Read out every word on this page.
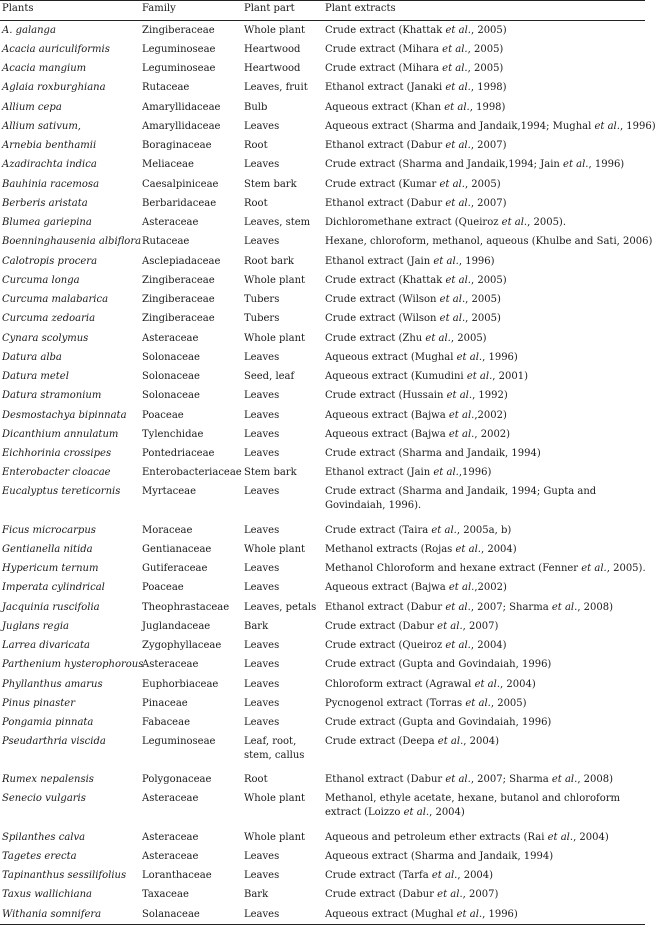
Plants	Family	Plant part	Plant extracts
A. galanga	Zingiberaceae	Whole plant	Crude extract (Khattak et al., 2005)
Acacia auriculiformis	Leguminoseae	Heartwood	Crude extract (Mihara et al., 2005)
Acacia mangium	Leguminoseae	Heartwood	Crude extract (Mihara et al., 2005)
Aglaia roxburghiana	Rutaceae	Leaves, fruit	Ethanol extract (Janaki et al., 1998)
Allium cepa	Amaryllidaceae	Bulb	Aqueous extract (Khan et al., 1998)
Allium sativum,	Amaryllidaceae	Leaves	Aqueous extract (Sharma and Jandaik,1994; Mughal et al., 1996)
Arnebia benthamii	Boraginaceae	Root	Ethanol extract (Dabur et al., 2007)
Azadirachta indica	Meliaceae	Leaves	Crude extract (Sharma and Jandaik,1994; Jain et al., 1996)
Bauhinia racemosa	Caesalpiniceae	Stem bark	Crude extract (Kumar et al., 2005)
Berberis aristata	Berbaridaceae	Root	Ethanol extract (Dabur et al., 2007)
Blumea gariepina	Asteraceae	Leaves, stem	Dichloromethane extract (Queiroz et al., 2005).
Boenninghausenia albiflora	Rutaceae	Leaves	Hexane, chloroform, methanol, aqueous (Khulbe and Sati, 2006)
Calotropis procera	Asclepiadaceae	Root bark	Ethanol extract (Jain et al., 1996)
Curcuma longa	Zingiberaceae	Whole plant	Crude extract (Khattak et al., 2005)
Curcuma malabarica	Zingiberaceae	Tubers	Crude extract (Wilson et al., 2005)
Curcuma zedoaria	Zingiberaceae	Tubers	Crude extract (Wilson et al., 2005)
Cynara scolymus	Asteraceae	Whole plant	Crude extract (Zhu et al., 2005)
Datura alba	Solonaceae	Leaves	Aqueous extract (Mughal et al., 1996)
Datura metel	Solonaceae	Seed, leaf	Aqueous extract (Kumudini et al., 2001)
Datura stramonium	Solonaceae	Leaves	Crude extract (Hussain et al., 1992)
Desmostachya bipinnata	Poaceae	Leaves	Aqueous extract (Bajwa et al.,2002)
Dicanthium annulatum	Tylenchidae	Leaves	Aqueous extract (Bajwa et al., 2002)
Eichhorinia crossipes	Pontedriaceae	Leaves	Crude extract (Sharma and Jandaik, 1994)
Enterobacter cloacae	Enterobacteriaceae	Stem bark	Ethanol extract (Jain et al.,1996)
Eucalyptus tereticornis	Myrtaceae	Leaves	Crude extract (Sharma and Jandaik, 1994; Gupta and Govindaiah, 1996).
Ficus microcarpus	Moraceae	Leaves	Crude extract (Taira et al., 2005a, b)
Gentianella nitida	Gentianaceae	Whole plant	Methanol extracts (Rojas et al., 2004)
Hypericum ternum	Gutiferaceae	Leaves	Methanol Chloroform and hexane extract (Fenner et al., 2005).
Imperata cylindrical	Poaceae	Leaves	Aqueous extract (Bajwa et al.,2002)
Jacquinia ruscifolia	Theophrastaceae	Leaves, petals	Ethanol extract (Dabur et al., 2007; Sharma et al., 2008)
Juglans regia	Juglandaceae	Bark	Crude extract (Dabur et al., 2007)
Larrea divaricata	Zygophyllaceae	Leaves	Crude extract (Queiroz et al., 2004)
Parthenium hysterophorous	Asteraceae	Leaves	Crude extract (Gupta and Govindaiah, 1996)
Phyllanthus amarus	Euphorbiaceae	Leaves	Chloroform extract (Agrawal et al., 2004)
Pinus pinaster	Pinaceae	Leaves	Pycnogenol extract (Torras et al., 2005)
Pongamia pinnata	Fabaceae	Leaves	Crude extract (Gupta and Govindaiah, 1996)
Pseudarthria viscida	Leguminoseae	Leaf, root, stem, callus	Crude extract (Deepa et al., 2004)
Rumex nepalensis	Polygonaceae	Root	Ethanol extract (Dabur et al., 2007; Sharma et al., 2008)
Senecio vulgaris	Asteraceae	Whole plant	Methanol, ethyle acetate, hexane, butanol and chloroform extract (Loizzo et al., 2004)
Spilanthes calva	Asteraceae	Whole plant	Aqueous and petroleum ether extracts (Rai et al., 2004)
Tagetes erecta	Asteraceae	Leaves	Aqueous extract (Sharma and Jandaik, 1994)
Tapinanthus sessilifolius	Loranthaceae	Leaves	Crude extract (Tarfa et al., 2004)
Taxus wallichiana	Taxaceae	Bark	Crude extract (Dabur et al., 2007)
Withania somnifera	Solanaceae	Leaves	Aqueous extract (Mughal et al., 1996)
